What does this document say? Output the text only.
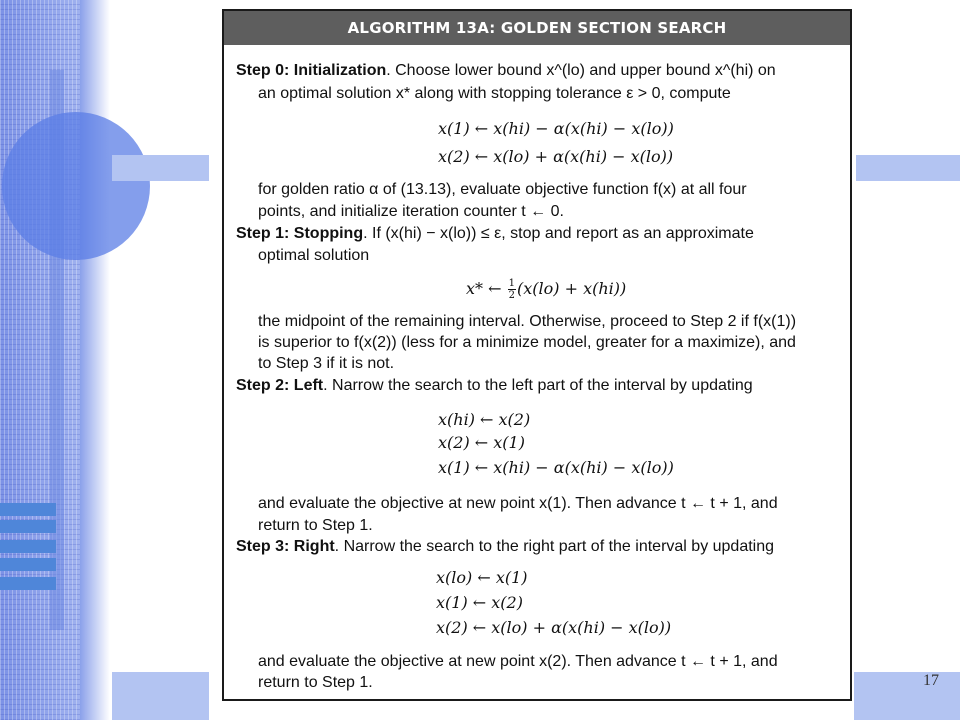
17
ALGORITHM 13A: GOLDEN SECTION SEARCH
Step 0: Initialization. Choose lower bound x^(lo) and upper bound x^(hi) on
an optimal solution x* along with stopping tolerance ε > 0, compute
x(1) ← x(hi) − α(x(hi) − x(lo))
x(2) ← x(lo) + α(x(hi) − x(lo))
for golden ratio α of (13.13), evaluate objective function f(x) at all four
points, and initialize iteration counter t ← 0.
Step 1: Stopping. If (x(hi) − x(lo)) ≤ ε, stop and report as an approximate
optimal solution
x* ← $\frac{1}{2} (x(lo) + x(hi))$
the midpoint of the remaining interval. Otherwise, proceed to Step 2 if f(x(1))
is superior to f(x(2)) (less for a minimize model, greater for a maximize), and
to Step 3 if it is not.
Step 2: Left. Narrow the search to the left part of the interval by updating
x(hi) ← x(2)
x(2) ← x(1)
x(1) ← x(hi) − α(x(hi) − x(lo))
and evaluate the objective at new point x(1). Then advance t ← t + 1, and
return to Step 1.
Step 3: Right. Narrow the search to the right part of the interval by updating
x(lo) ← x(1)
x(1) ← x(2)
x(2) ← x(lo) + α(x(hi) − x(lo))
and evaluate the objective at new point x(2). Then advance t ← t + 1, and
return to Step 1.
